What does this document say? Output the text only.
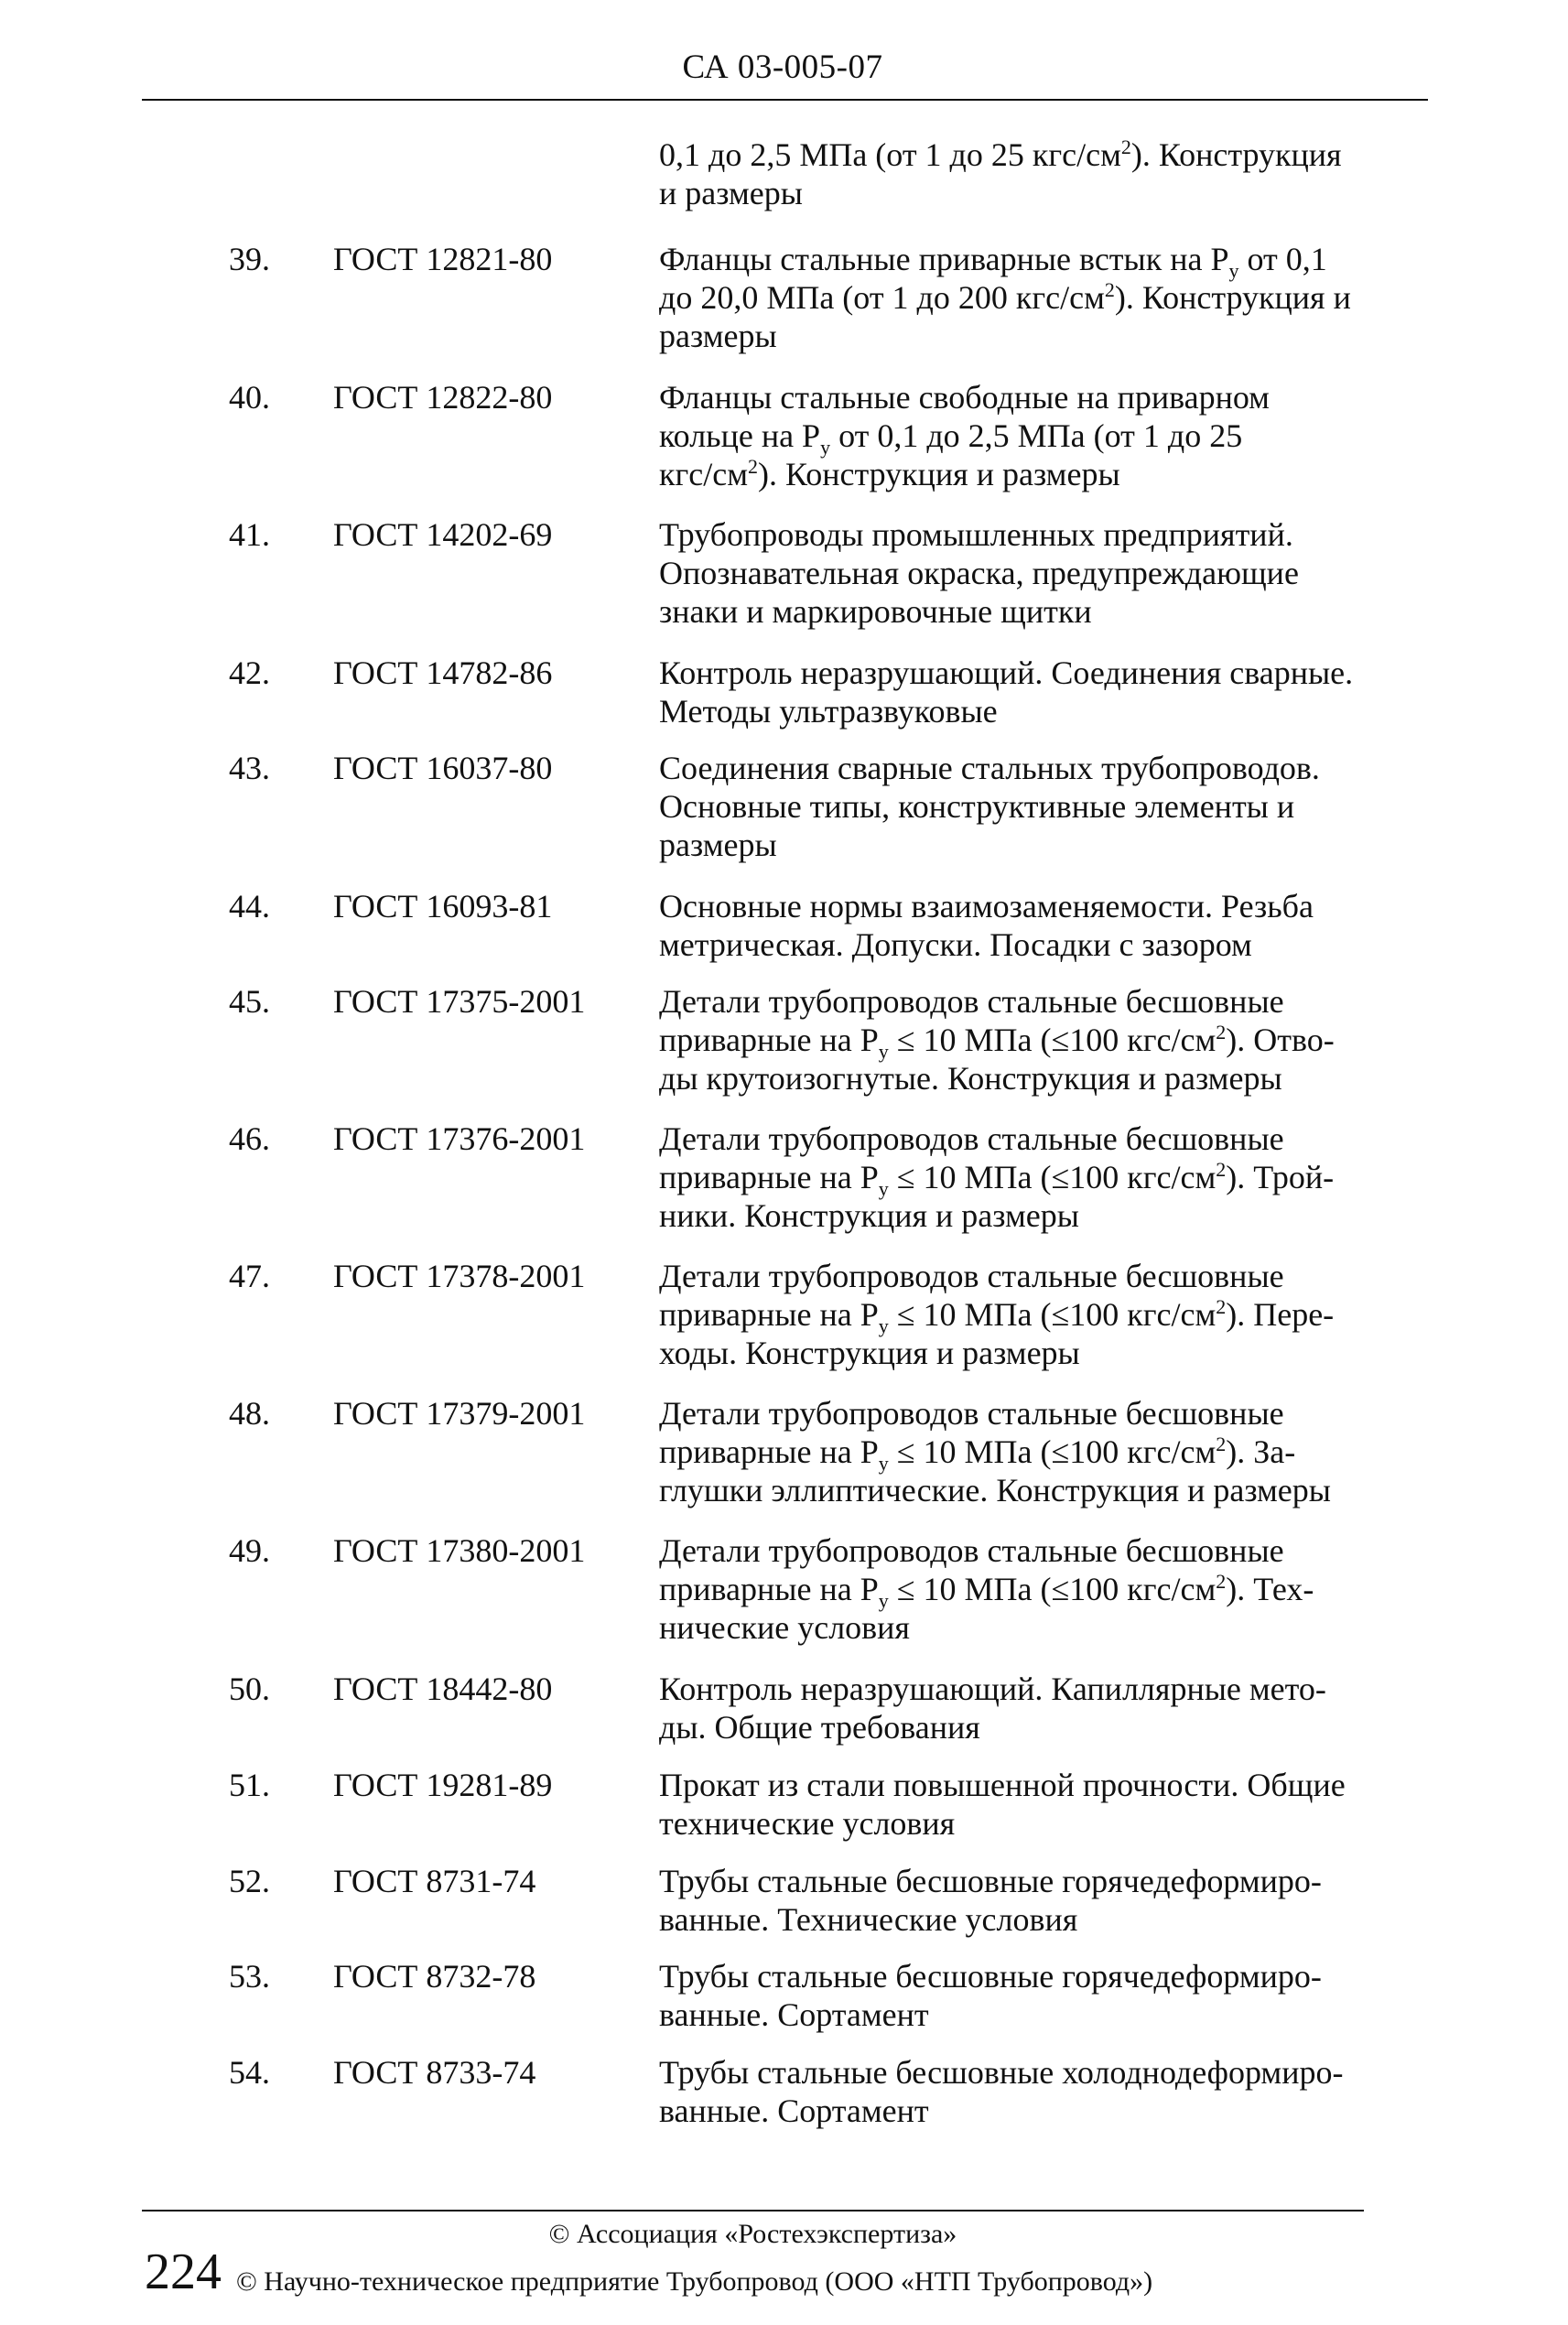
СА 03-005-07
0,1 до 2,5 МПа (от 1 до 25 кгс/$см^2$). Конструкция
и размеры
39. ГОСТ 12821-80	Фланцы стальные приварные встык на $P_y$ от 0,1
до 20,0 МПа (от 1 до 200 кгс/$см^2$). Конструкция и
размеры
40. ГОСТ 12822-80	Фланцы стальные свободные на приварном
кольце на $P_y$ от 0,1 до 2,5 МПа (от 1 до 25
кгс/$см^2$). Конструкция и размеры
41. ГОСТ 14202-69	Трубопроводы промышленных предприятий.
Опознавательная окраска, предупреждающие
знаки и маркировочные щитки
42. ГОСТ 14782-86	Контроль неразрушающий. Соединения сварные.
Методы ультразвуковые
43. ГОСТ 16037-80	Соединения сварные стальных трубопроводов.
Основные типы, конструктивные элементы и
размеры
44. ГОСТ 16093-81	Основные нормы взаимозаменяемости. Резьба
метрическая. Допуски. Посадки с зазором
45. ГОСТ 17375-2001 Детали трубопроводов стальные бесшовные
приварные на $P_y \le 10$ МПа (≤100 кгс/$см^2$). Отво-
ды крутоизогнутые. Конструкция и размеры
46. ГОСТ 17376-2001 Детали трубопроводов стальные бесшовные
приварные на $P_y \le 10$ МПа (≤100 кгс/$см^2$). Трой-
ники. Конструкция и размеры
47. ГОСТ 17378-2001 Детали трубопроводов стальные бесшовные
приварные на $P_y \le 10$ МПа (≤100 кгс/$см^2$). Пере-
ходы. Конструкция и размеры
48. ГОСТ 17379-2001 Детали трубопроводов стальные бесшовные
приварные на $P_y \le 10$ МПа (≤100 кгс/$см^2$). За-
глушки эллиптические. Конструкция и размеры
49. ГОСТ 17380-2001 Детали трубопроводов стальные бесшовные
приварные на $P_y \le 10$ МПа (≤100 кгс/$см^2$). Тех-
нические условия
50. ГОСТ 18442-80	Контроль неразрушающий. Капиллярные мето-
ды. Общие требования
51. ГОСТ 19281-89	Прокат из стали повышенной прочности. Общие
технические условия
52. ГОСТ 8731-74	Трубы стальные бесшовные горячедеформиро-
ванные. Технические условия
53. ГОСТ 8732-78	Трубы стальные бесшовные горячедеформиро-
ванные. Сортамент
54. ГОСТ 8733-74	Трубы стальные бесшовные холоднодеформиро-
ванные. Сортамент
© Ассоциация «Ростехэкспертиза»
224 © Научно-техническое предприятие Трубопровод (ООО «НТП Трубопровод»)
